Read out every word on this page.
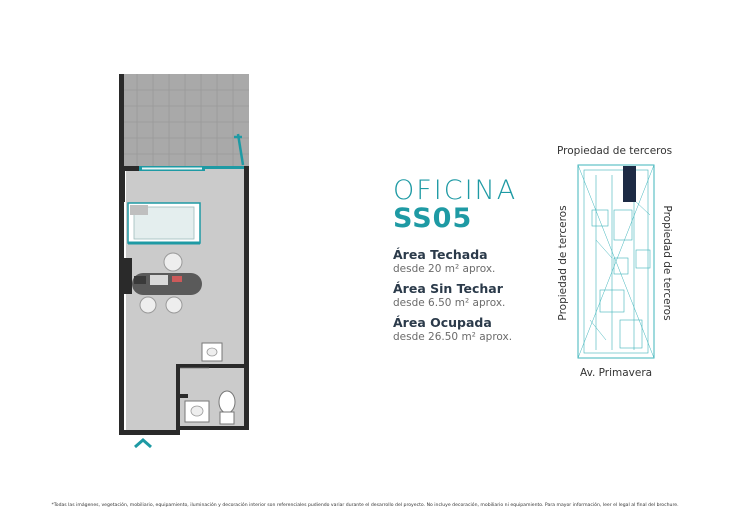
OFICINA
SS05
Área Techada
desde 20 m² aprox.
Área Sin Techar
desde 6.50 m² aprox.
Área Ocupada
desde 26.50 m² aprox.
Propiedad de terceros
Propiedad de terceros	Propiedad de terceros
Av. Primavera
*Todas las imágenes, vegetación, mobiliario, equipamiento, iluminación y decoración interior son referenciales pudiendo variar durante el desarrollo del proyecto. No incluye decoración, mobiliario ni equipamiento. Para mayor información, leer el legal al final del brochure.
